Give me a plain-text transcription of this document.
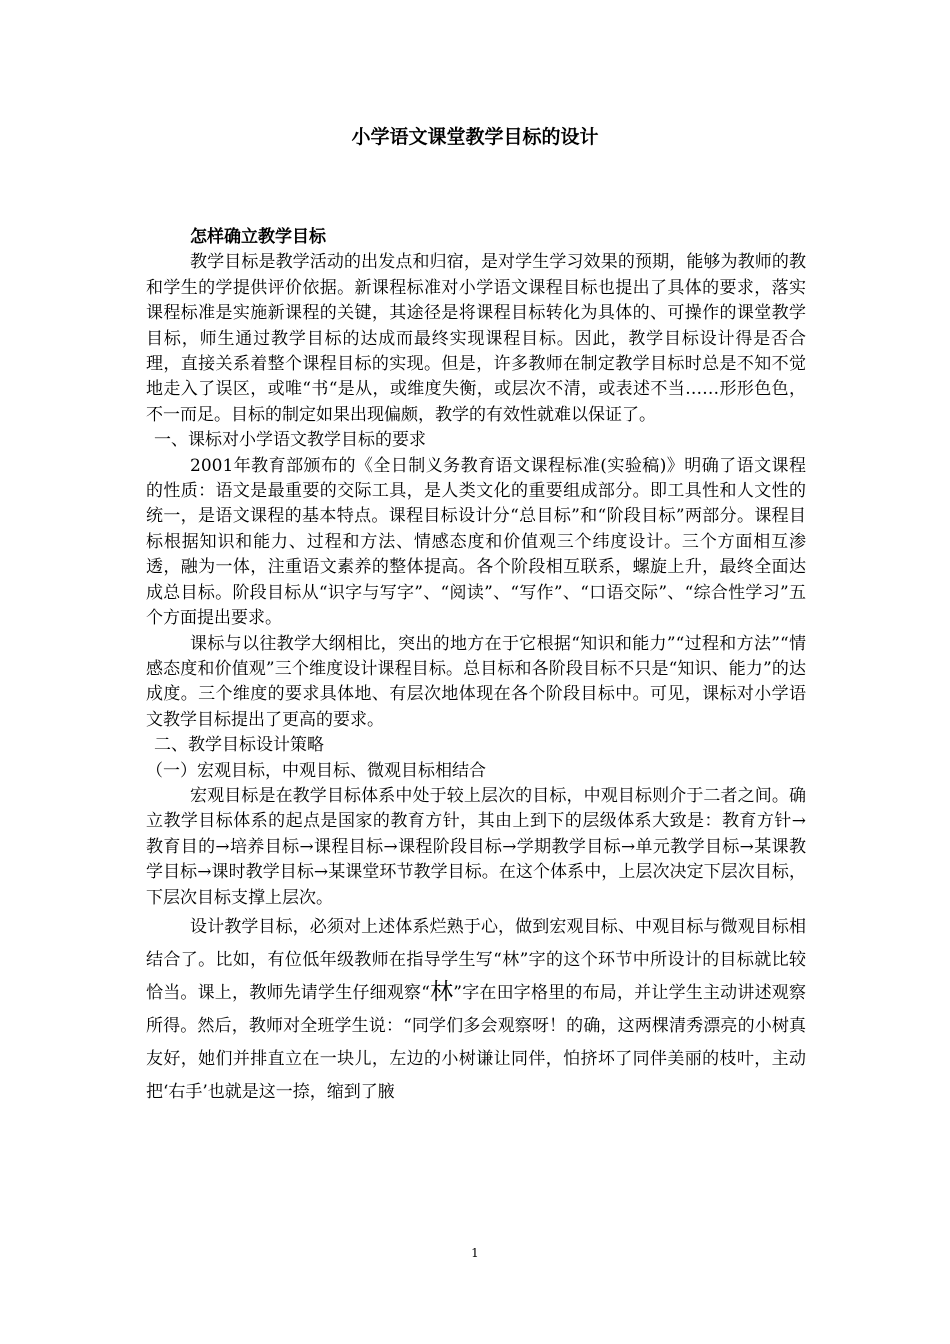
小学语文课堂教学目标的设计

怎样确立教学目标

教学目标是教学活动的出发点和归宿，是对学生学习效果的预期，能够为教师的教和学生的学提供评价依据。新课程标准对小学语文课程目标也提出了具体的要求，落实课程标准是实施新课程的关键，其途径是将课程目标转化为具体的、可操作的课堂教学目标，师生通过教学目标的达成而最终实现课程目标。因此，教学目标设计得是否合理，直接关系着整个课程目标的实现。但是，许多教师在制定教学目标时总是不知不觉地走入了误区，或唯“书“是从，或维度失衡，或层次不清，或表述不当……形形色色，不一而足。目标的制定如果出现偏颇，教学的有效性就难以保证了。

一、课标对小学语文教学目标的要求

2001年教育部颁布的《全日制义务教育语文课程标准(实验稿)》明确了语文课程的性质：语文是最重要的交际工具，是人类文化的重要组成部分。即工具性和人文性的统一，是语文课程的基本特点。课程目标设计分“总目标”和“阶段目标”两部分。课程目标根据知识和能力、过程和方法、情感态度和价值观三个纬度设计。三个方面相互渗透，融为一体，注重语文素养的整体提高。各个阶段相互联系，螺旋上升，最终全面达成总目标。阶段目标从“识字与写字”、“阅读”、“写作”、“口语交际”、“综合性学习”五个方面提出要求。

课标与以往教学大纲相比，突出的地方在于它根据“知识和能力”“过程和方法”“情感态度和价值观”三个维度设计课程目标。总目标和各阶段目标不只是“知识、能力”的达成度。三个维度的要求具体地、有层次地体现在各个阶段目标中。可见，课标对小学语文教学目标提出了更高的要求。

二、教学目标设计策略

（一）宏观目标，中观目标、微观目标相结合

宏观目标是在教学目标体系中处于较上层次的目标，中观目标则介于二者之间。确立教学目标体系的起点是国家的教育方针，其由上到下的层级体系大致是：教育方针→教育目的→培养目标→课程目标→课程阶段目标→学期教学目标→单元教学目标→某课教学目标→课时教学目标→某课堂环节教学目标。在这个体系中，上层次决定下层次目标，下层次目标支撑上层次。

设计教学目标，必须对上述体系烂熟于心，做到宏观目标、中观目标与微观目标相结合了。比如，有位低年级教师在指导学生写“林”字的这个环节中所设计的目标就比较恰当。课上，教师先请学生仔细观察“林”字在田字格里的布局，并让学生主动讲述观察所得。然后，教师对全班学生说：“同学们多会观察呀！的确，这两棵清秀漂亮的小树真友好，她们并排直立在一块儿，左边的小树谦让同伴，怕挤坏了同伴美丽的枝叶，主动把‘右手’也就是这一捺，缩到了腋

1
